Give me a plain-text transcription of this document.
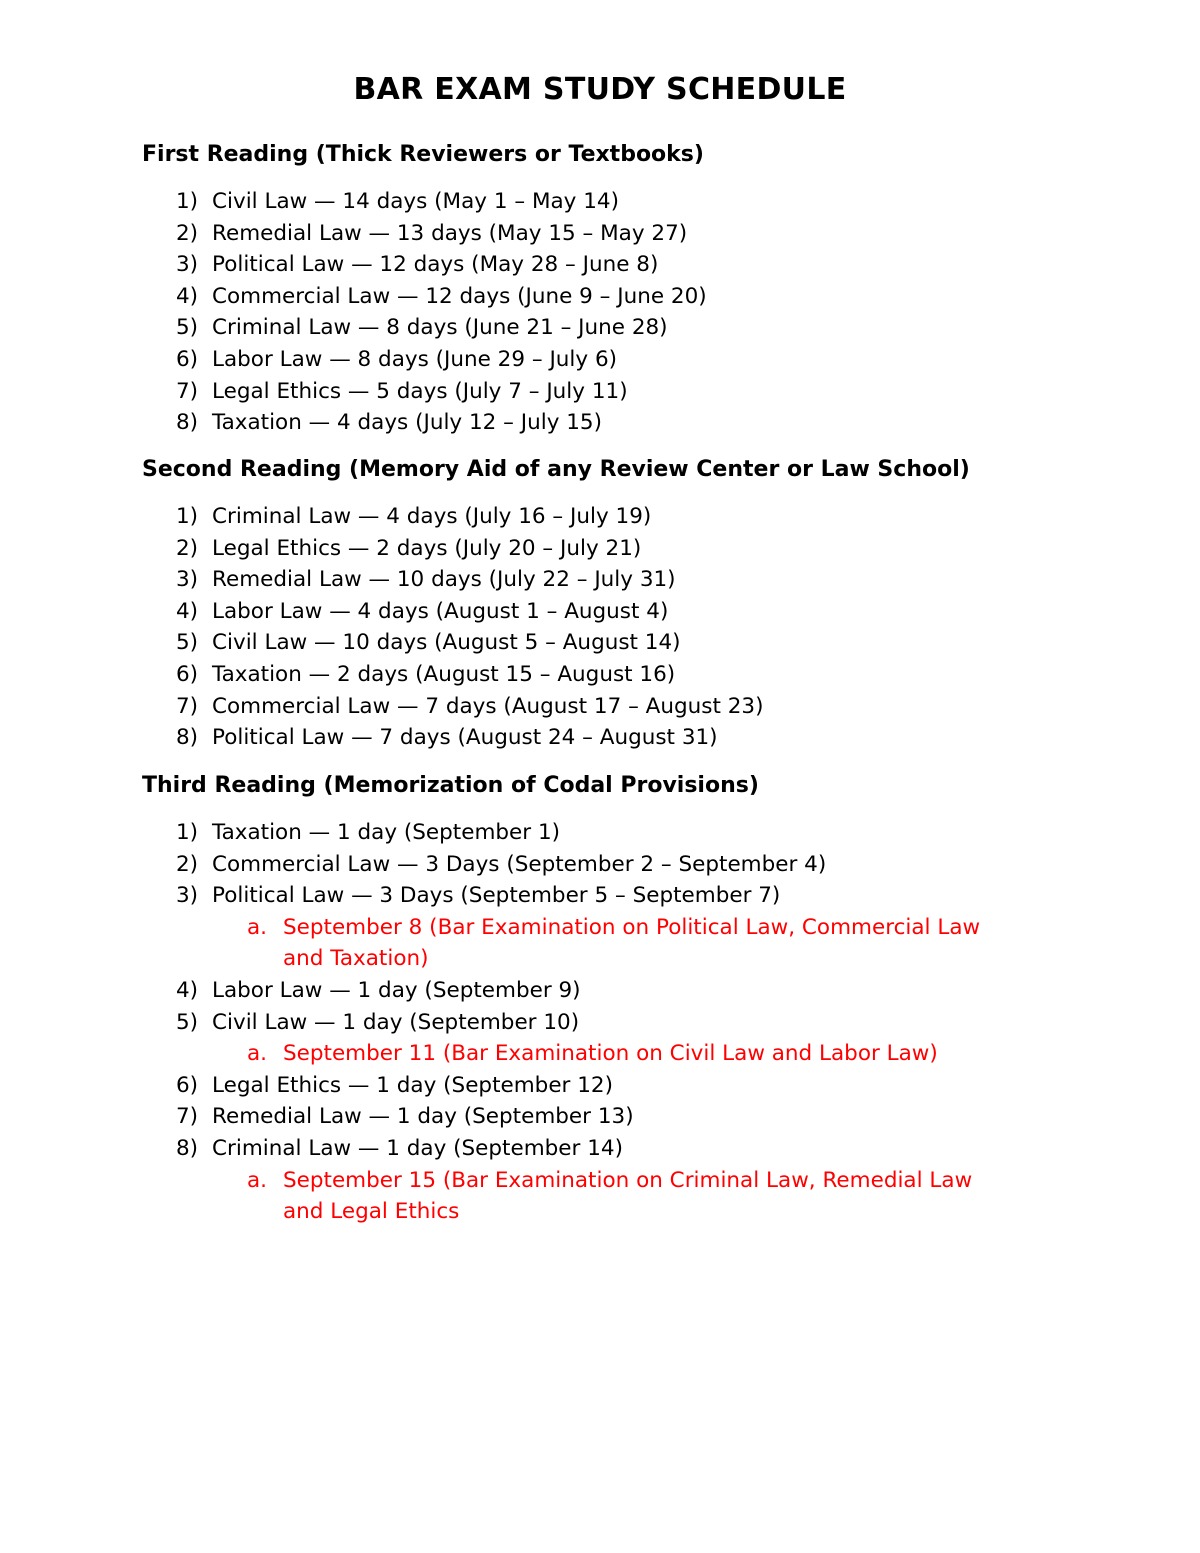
BAR EXAM STUDY SCHEDULE
First Reading (Thick Reviewers or Textbooks)
1) Civil Law — 14 days (May 1 – May 14)
2) Remedial Law — 13 days (May 15 – May 27)
3) Political Law — 12 days (May 28 – June 8)
4) Commercial Law — 12 days (June 9 – June 20)
5) Criminal Law — 8 days (June 21 – June 28)
6) Labor Law — 8 days (June 29 – July 6)
7) Legal Ethics — 5 days (July 7 – July 11)
8) Taxation — 4 days (July 12 – July 15)
Second Reading (Memory Aid of any Review Center or Law School)
1) Criminal Law — 4 days (July 16 – July 19)
2) Legal Ethics — 2 days (July 20 – July 21)
3) Remedial Law — 10 days (July 22 – July 31)
4) Labor Law — 4 days (August 1 – August 4)
5) Civil Law — 10 days (August 5 – August 14)
6) Taxation — 2 days (August 15 – August 16)
7) Commercial Law — 7 days (August 17 – August 23)
8) Political Law — 7 days (August 24 – August 31)
Third Reading (Memorization of Codal Provisions)
1) Taxation — 1 day (September 1)
2) Commercial Law — 3 Days (September 2 – September 4)
3) Political Law — 3 Days (September 5 – September 7)
a. September 8 (Bar Examination on Political Law, Commercial Law
and Taxation)
4) Labor Law — 1 day (September 9)
5) Civil Law — 1 day (September 10)
a. September 11 (Bar Examination on Civil Law and Labor Law)
6) Legal Ethics — 1 day (September 12)
7) Remedial Law — 1 day (September 13)
8) Criminal Law — 1 day (September 14)
a. September 15 (Bar Examination on Criminal Law, Remedial Law
and Legal Ethics
